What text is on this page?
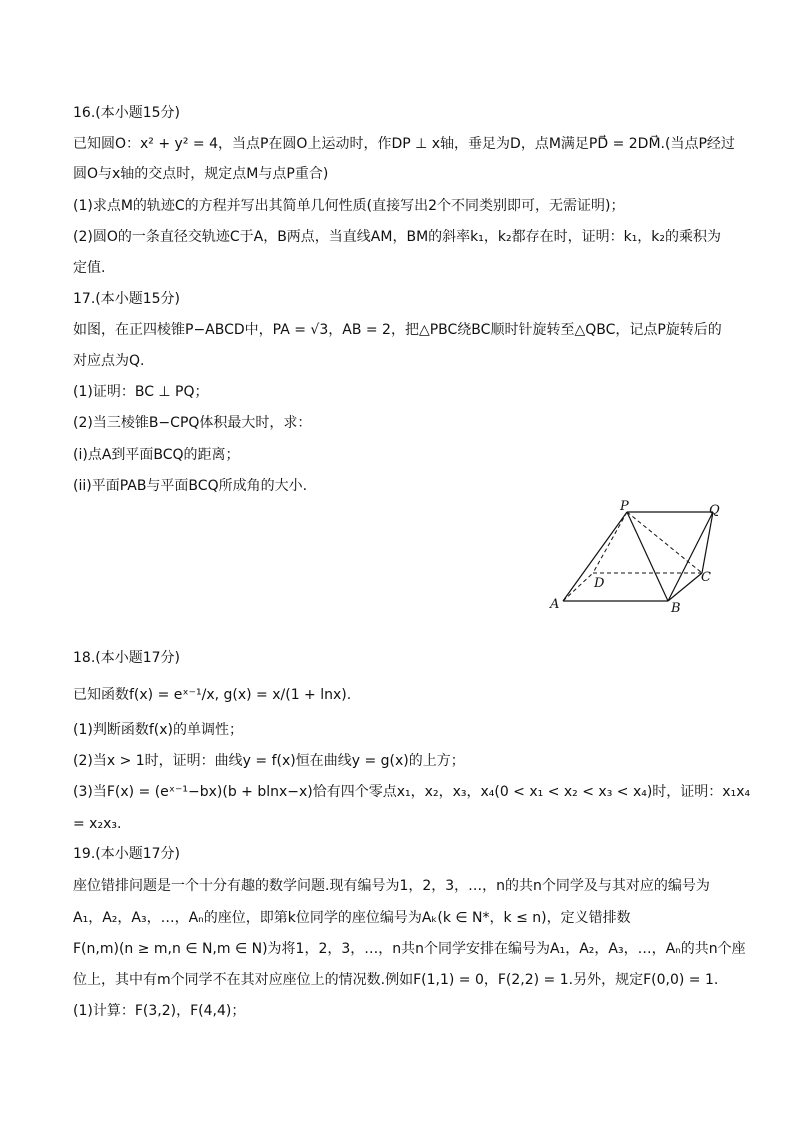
16.(本小题15分)
已知圆O：x² + y² = 4，当点P在圆O上运动时，作DP ⊥ x轴，垂足为D，点M满足PD⃗ = 2DM⃗.(当点P经过
圆O与x轴的交点时，规定点M与点P重合)
(1)求点M的轨迹C的方程并写出其简单几何性质(直接写出2个不同类别即可，无需证明)；
(2)圆O的一条直径交轨迹C于A，B两点，当直线AM，BM的斜率k₁，k₂都存在时，证明：k₁，k₂的乘积为
定值.
17.(本小题15分)
如图，在正四棱锥P−ABCD中，PA = √3，AB = 2，把△PBC绕BC顺时针旋转至△QBC，记点P旋转后的
对应点为Q.
(1)证明：BC ⊥ PQ；
(2)当三棱锥B−CPQ体积最大时，求：
(i)点A到平面BCQ的距离；
(ii)平面PAB与平面BCQ所成角的大小.
P	Q
D	C
A	B
18.(本小题17分)
已知函数f(x) = eˣ⁻¹/x, g(x) = x/(1 + lnx).
(1)判断函数f(x)的单调性；
(2)当x > 1时，证明：曲线y = f(x)恒在曲线y = g(x)的上方；
(3)当F(x) = (eˣ⁻¹−bx)(b + blnx−x)恰有四个零点x₁，x₂，x₃，x₄(0 < x₁ < x₂ < x₃ < x₄)时，证明：x₁x₄
= x₂x₃.
19.(本小题17分)
座位错排问题是一个十分有趣的数学问题.现有编号为1，2，3，…，n的共n个同学及与其对应的编号为
A₁，A₂，A₃，…，Aₙ的座位，即第k位同学的座位编号为Aₖ(k ∈ N*，k ≤ n)，定义错排数
F(n,m)(n ≥ m,n ∈ N,m ∈ N)为将1，2，3，…，n共n个同学安排在编号为A₁，A₂，A₃，…，Aₙ的共n个座
位上，其中有m个同学不在其对应座位上的情况数.例如F(1,1) = 0，F(2,2) = 1.另外，规定F(0,0) = 1.
(1)计算：F(3,2)，F(4,4)；
